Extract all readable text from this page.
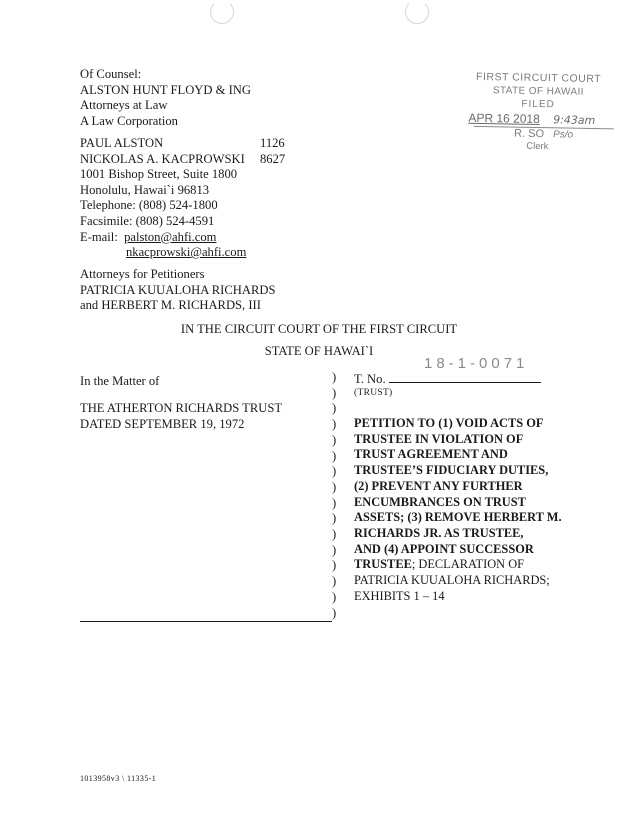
Of Counsel:
ALSTON HUNT FLOYD & ING
Attorneys at Law
A Law Corporation
PAUL ALSTON	1126
NICKOLAS A. KACPROWSKI 8627
1001 Bishop Street, Suite 1800
Honolulu, Hawai`i 96813
Telephone: (808) 524-1800
Facsimile: (808) 524-4591
E-mail: palston@ahfi.com
nkacprowski@ahfi.com
Attorneys for Petitioners
PATRICIA KUUALOHA RICHARDS
and HERBERT M. RICHARDS, III
FIRST CIRCUIT COURT
STATE OF HAWAII
FILED
APR 16 2018 9:43am
R. SO Ps/o
Clerk
IN THE CIRCUIT COURT OF THE FIRST CIRCUIT
STATE OF HAWAI`I
In the Matter of
THE ATHERTON RICHARDS TRUST
DATED SEPTEMBER 19, 1972
)
)
)
)
)
)
)
)
)
)
)
)
)
)
)
)
T. No.
18-1-0071
(TRUST)
PETITION TO (1) VOID ACTS OF
TRUSTEE IN VIOLATION OF
TRUST AGREEMENT AND
TRUSTEE’S FIDUCIARY DUTIES,
(2) PREVENT ANY FURTHER
ENCUMBRANCES ON TRUST
ASSETS; (3) REMOVE HERBERT M.
RICHARDS JR. AS TRUSTEE,
AND (4) APPOINT SUCCESSOR
TRUSTEE; DECLARATION OF
PATRICIA KUUALOHA RICHARDS;
EXHIBITS 1 – 14
1013958v3 \ 11335-1
